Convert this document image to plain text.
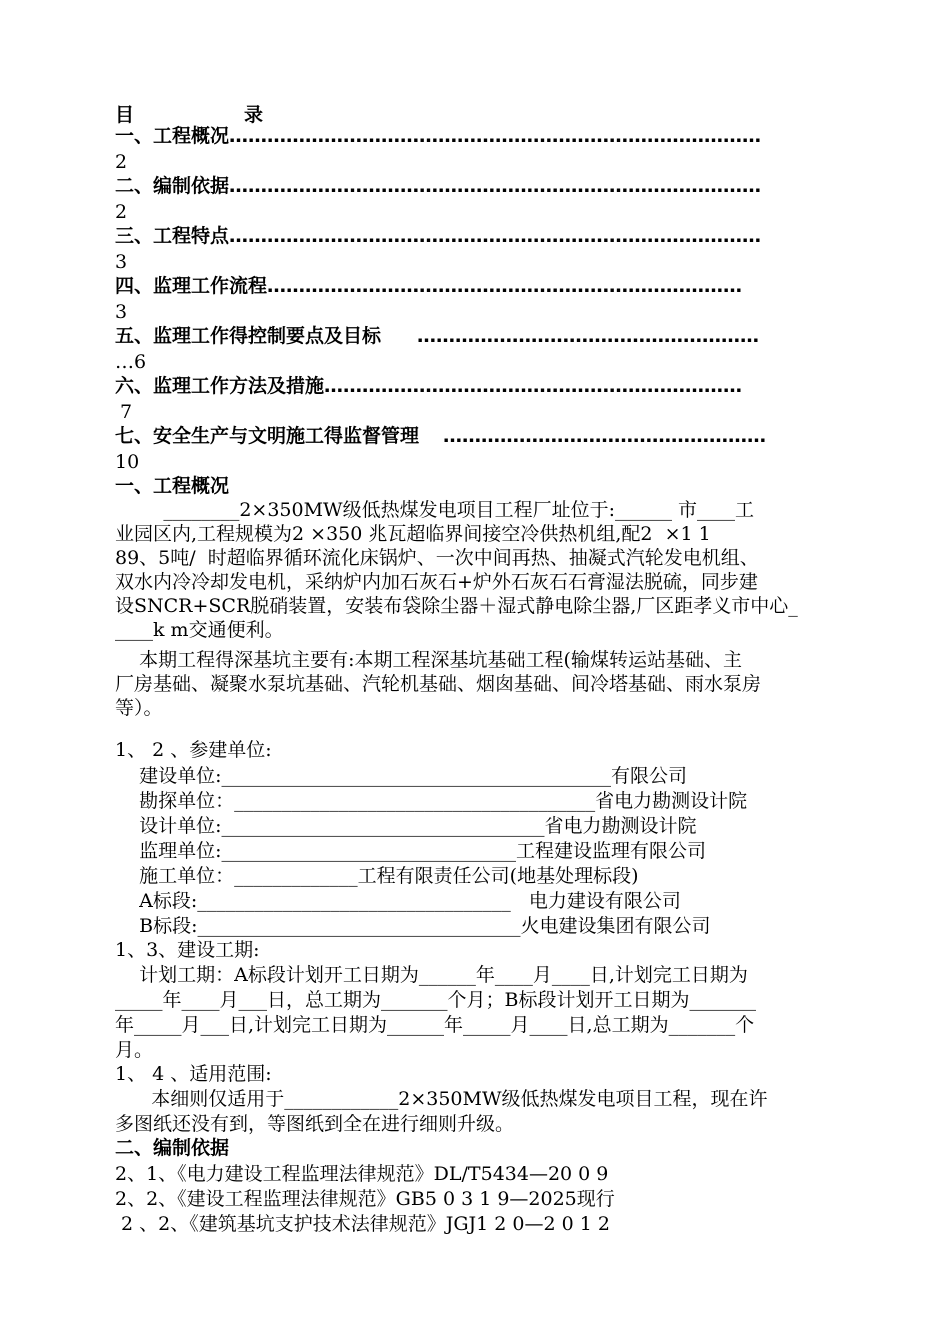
目	录
一、工程概况…………………………………………………………………………
2
二、编制依据…………………………………………………………………………
2
三、工程特点…………………………………………………………………………
3
四、监理工作流程…………………………………………………………………
3
五、监理工作得控制要点及目标 ………………………………………………
…6
六、监理工作方法及措施…………………………………………………………
7
七、安全生产与文明施工得监督管理 ……………………………………………
10
一、工程概况
________2×350MW级低热煤发电项目工程厂址位于:______ 市____工
业园区内,工程规模为2 ×350 兆瓦超临界间接空冷供热机组,配2  ×1 1
89、5吨/  时超临界循环流化床锅炉、一次中间再热、抽凝式汽轮发电机组、
双水内冷冷却发电机，采纳炉内加石灰石+炉外石灰石石膏湿法脱硫，同步建
设SNCR+SCR脱硝装置，安装布袋除尘器＋湿式静电除尘器,厂区距孝义市中心_
____k m交通便利。
本期工程得深基坑主要有:本期工程深基坑基础工程(输煤转运站基础、主
厂房基础、凝聚水泵坑基础、汽轮机基础、烟囱基础、间冷塔基础、雨水泵房
等）。
1、 2 、参建单位:
建设单位:_________________________________________有限公司
勘探单位：______________________________________省电力勘测设计院
设计单位:__________________________________省电力勘测设计院
监理单位:_______________________________工程建设监理有限公司
施工单位：_____________工程有限责任公司(地基处理标段)
A标段:_________________________________   电力建设有限公司
B标段:__________________________________火电建设集团有限公司
1、3、建设工期:
计划工期：A标段计划开工日期为______年____月____日,计划完工日期为
_____年____月___日，总工期为_______个月；B标段计划开工日期为_______
年_____月___日,计划完工日期为______年_____月____日,总工期为_______个
月。
1、 4 、适用范围:
本细则仅适用于____________2×350MW级低热煤发电项目工程，现在许
多图纸还没有到，等图纸到全在进行细则升级。
二、编制依据
2、1、《电力建设工程监理法律规范》DL/T5434—20 0 9
2、2、《建设工程监理法律规范》GB5 0 3 1 9—2025现行
2 、2、《建筑基坑支护技术法律规范》JGJ1 2 0—2 0 1 2
